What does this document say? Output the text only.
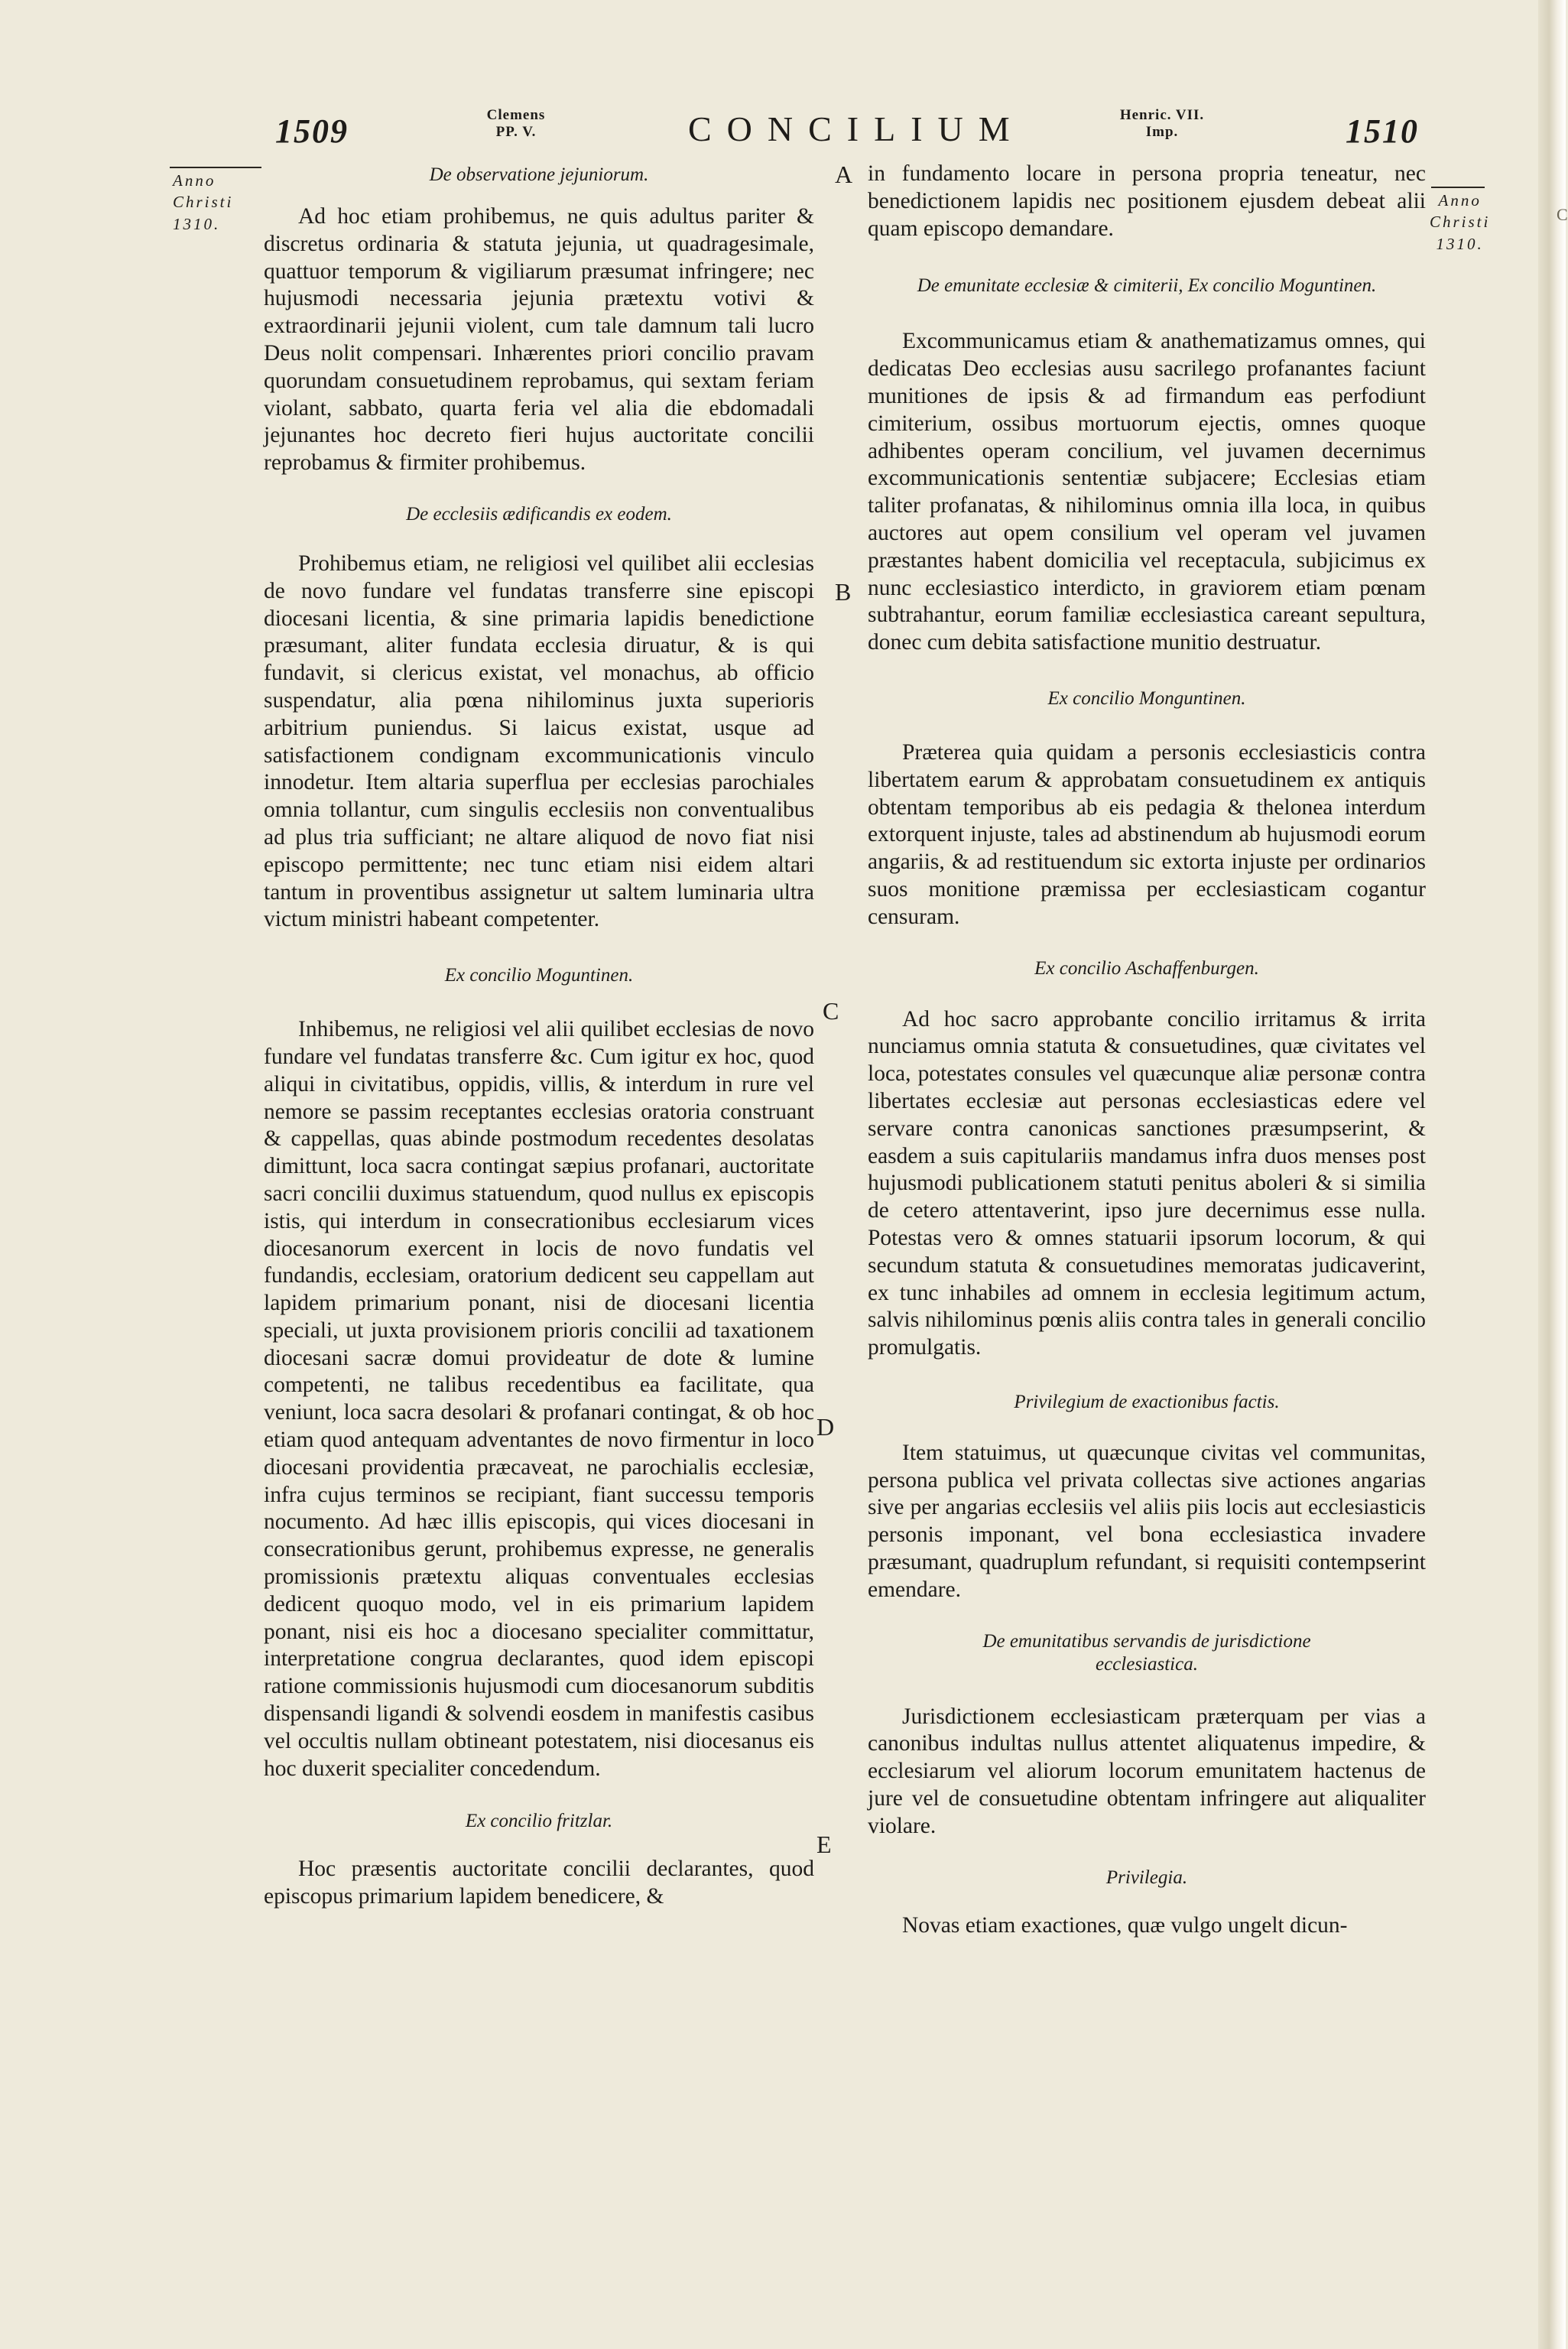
1509	Clemens
PP. V.	CONCILIUM	Henric. VII.
Imp.	1510
Anno
Christi
1310.
Anno
Christi
1310.
A
B
C
D
E
De observatione jejuniorum.

Ad hoc etiam prohibemus, ne quis adultus pariter & discretus ordinaria & statuta jejunia, ut quadragesimale, quattuor temporum & vigiliarum præsumat infringere; nec hujusmodi necessaria jejunia prætextu votivi & extraordinarii jejunii violent, cum tale damnum tali lucro Deus nolit compensari. Inhærentes priori concilio pravam quorundam consuetudinem reprobamus, qui sextam feriam violant, sabbato, quarta feria vel alia die ebdomadali jejunantes hoc decreto fieri hujus auctoritate concilii reprobamus & firmiter prohibemus.

De ecclesiis ædificandis ex eodem.

Prohibemus etiam, ne religiosi vel quilibet alii ecclesias de novo fundare vel fundatas transferre sine episcopi diocesani licentia, & sine primaria lapidis benedictione præsumant, aliter fundata ecclesia diruatur, & is qui fundavit, si clericus existat, vel monachus, ab officio suspendatur, alia pœna nihilominus juxta superioris arbitrium puniendus. Si laicus existat, usque ad satisfactionem condignam excommunicationis vinculo innodetur. Item altaria superflua per ecclesias parochiales omnia tollantur, cum singulis ecclesiis non conventualibus ad plus tria sufficiant; ne altare aliquod de novo fiat nisi episcopo permittente; nec tunc etiam nisi eidem altari tantum in proventibus assignetur ut saltem luminaria ultra victum ministri habeant competenter.

Ex concilio Moguntinen.

Inhibemus, ne religiosi vel alii quilibet ecclesias de novo fundare vel fundatas transferre &c. Cum igitur ex hoc, quod aliqui in civitatibus, oppidis, villis, & interdum in rure vel nemore se passim receptantes ecclesias oratoria construant & cappellas, quas abinde postmodum recedentes desolatas dimittunt, loca sacra contingat sæpius profanari, auctoritate sacri concilii duximus statuendum, quod nullus ex episcopis istis, qui interdum in consecrationibus ecclesiarum vices diocesanorum exercent in locis de novo fundatis vel fundandis, ecclesiam, oratorium dedicent seu cappellam aut lapidem primarium ponant, nisi de diocesani licentia speciali, ut juxta provisionem prioris concilii ad taxationem diocesani sacræ domui provideatur de dote & lumine competenti, ne talibus recedentibus ea facilitate, qua veniunt, loca sacra desolari & profanari contingat, & ob hoc etiam quod antequam adventantes de novo firmentur in loco diocesani providentia præcaveat, ne parochialis ecclesiæ, infra cujus terminos se recipiant, fiant successu temporis nocumento. Ad hæc illis episcopis, qui vices diocesani in consecrationibus gerunt, prohibemus expresse, ne generalis promissionis prætextu aliquas conventuales ecclesias dedicent quoquo modo, vel in eis primarium lapidem ponant, nisi eis hoc a diocesano specialiter committatur, interpretatione congrua declarantes, quod idem episcopi ratione commissionis hujusmodi cum diocesanorum subditis dispensandi ligandi & solvendi eosdem in manifestis casibus vel occultis nullam obtineant potestatem, nisi diocesanus eis hoc duxerit specialiter concedendum.

Ex concilio fritzlar.

Hoc præsentis auctoritate concilii declarantes, quod episcopus primarium lapidem benedicere, &

in fundamento locare in persona propria teneatur, nec benedictionem lapidis nec positionem ejusdem debeat alii quam episcopo demandare.

De emunitate ecclesiæ & cimiterii, Ex concilio Moguntinen.

Excommunicamus etiam & anathematizamus omnes, qui dedicatas Deo ecclesias ausu sacrilego profanantes faciunt munitiones de ipsis & ad firmandum eas perfodiunt cimiterium, ossibus mortuorum ejectis, omnes quoque adhibentes operam concilium, vel juvamen decernimus excommunicationis sententiæ subjacere; Ecclesias etiam taliter profanatas, & nihilominus omnia illa loca, in quibus auctores aut opem consilium vel operam vel juvamen præstantes habent domicilia vel receptacula, subjicimus ex nunc ecclesiastico interdicto, in graviorem etiam pœnam subtrahantur, eorum familiæ ecclesiastica careant sepultura, donec cum debita satisfactione munitio destruatur.

Ex concilio Monguntinen.

Præterea quia quidam a personis ecclesiasticis contra libertatem earum & approbatam consuetudinem ex antiquis obtentam temporibus ab eis pedagia & thelonea interdum extorquent injuste, tales ad abstinendum ab hujusmodi eorum angariis, & ad restituendum sic extorta injuste per ordinarios suos monitione præmissa per ecclesiasticam cogantur censuram.

Ex concilio Aschaffenburgen.

Ad hoc sacro approbante concilio irritamus & irrita nunciamus omnia statuta & consuetudines, quæ civitates vel loca, potestates consules vel quæcunque aliæ personæ contra libertates ecclesiæ aut personas ecclesiasticas edere vel servare contra canonicas sanctiones præsumpserint, & easdem a suis capitulariis mandamus infra duos menses post hujusmodi publicationem statuti penitus aboleri & si similia de cetero attentaverint, ipso jure decernimus esse nulla. Potestas vero & omnes statuarii ipsorum locorum, & qui secundum statuta & consuetudines memoratas judicaverint, ex tunc inhabiles ad omnem in ecclesia legitimum actum, salvis nihilominus pœnis aliis contra tales in generali concilio promulgatis.

Privilegium de exactionibus factis.

Item statuimus, ut quæcunque civitas vel communitas, persona publica vel privata collectas sive actiones angarias sive per angarias ecclesiis vel aliis piis locis aut ecclesiasticis personis imponant, vel bona ecclesiastica invadere præsumant, quadruplum refundant, si requisiti contempserint emendare.

De emunitatibus servandis de jurisdictione ecclesiastica.

Jurisdictionem ecclesiasticam præterquam per vias a canonibus indultas nullus attentet aliquatenus impedire, & ecclesiarum vel aliorum locorum emunitatem hactenus de jure vel de consuetudine obtentam infringere aut aliqualiter violare.

Privilegia.

Novas etiam exactiones, quæ vulgo ungelt dicun-

C
